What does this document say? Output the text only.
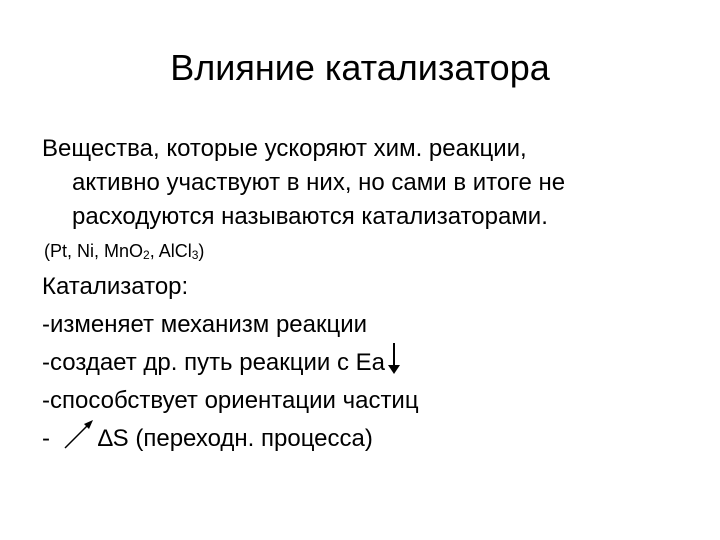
Влияние катализатора
Вещества, которые ускоряют хим. реакции,
активно участвуют в них, но сами в итоге не
расходуются называются катализаторами.
(Pt, Ni, MnO2, AlCl3)
Катализатор:
-изменяет механизм реакции
-создает др. путь реакции с Ea
-способствует ориентации частиц
- ∆S (переходн. процесса)
